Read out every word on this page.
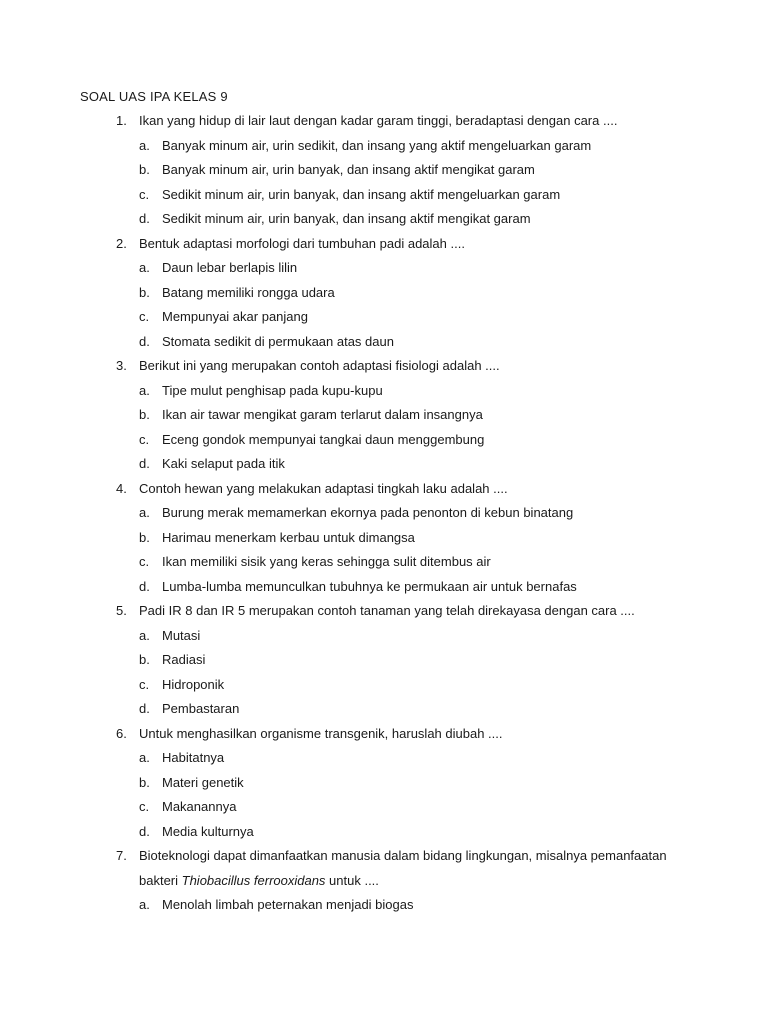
SOAL UAS IPA KELAS 9
1. Ikan yang hidup di lair laut dengan kadar garam tinggi, beradaptasi dengan cara ....
a. Banyak minum air, urin sedikit, dan insang yang aktif mengeluarkan garam
b. Banyak minum air, urin banyak, dan insang aktif mengikat garam
c. Sedikit minum air, urin banyak, dan insang aktif mengeluarkan garam
d. Sedikit minum air, urin banyak, dan insang aktif mengikat garam
2. Bentuk adaptasi morfologi dari tumbuhan padi adalah ....
a. Daun lebar berlapis lilin
b. Batang memiliki rongga udara
c. Mempunyai akar panjang
d. Stomata sedikit di permukaan atas daun
3. Berikut ini yang merupakan contoh adaptasi fisiologi adalah ....
a. Tipe mulut penghisap pada kupu-kupu
b. Ikan air tawar mengikat garam terlarut dalam insangnya
c. Eceng gondok mempunyai tangkai daun menggembung
d. Kaki selaput pada itik
4. Contoh hewan yang melakukan adaptasi tingkah laku adalah ....
a. Burung merak memamerkan ekornya pada penonton di kebun binatang
b. Harimau menerkam kerbau untuk dimangsa
c. Ikan memiliki sisik yang keras sehingga sulit ditembus air
d. Lumba-lumba memunculkan tubuhnya ke permukaan air untuk bernafas
5. Padi IR 8 dan IR 5 merupakan contoh tanaman yang telah direkayasa dengan cara ....
a. Mutasi
b. Radiasi
c. Hidroponik
d. Pembastaran
6. Untuk menghasilkan organisme transgenik, haruslah diubah ....
a. Habitatnya
b. Materi genetik
c. Makanannya
d. Media kulturnya
7. Bioteknologi dapat dimanfaatkan manusia dalam bidang lingkungan, misalnya pemanfaatan
bakteri Thiobacillus ferrooxidans untuk ....
a. Menolah limbah peternakan menjadi biogas
